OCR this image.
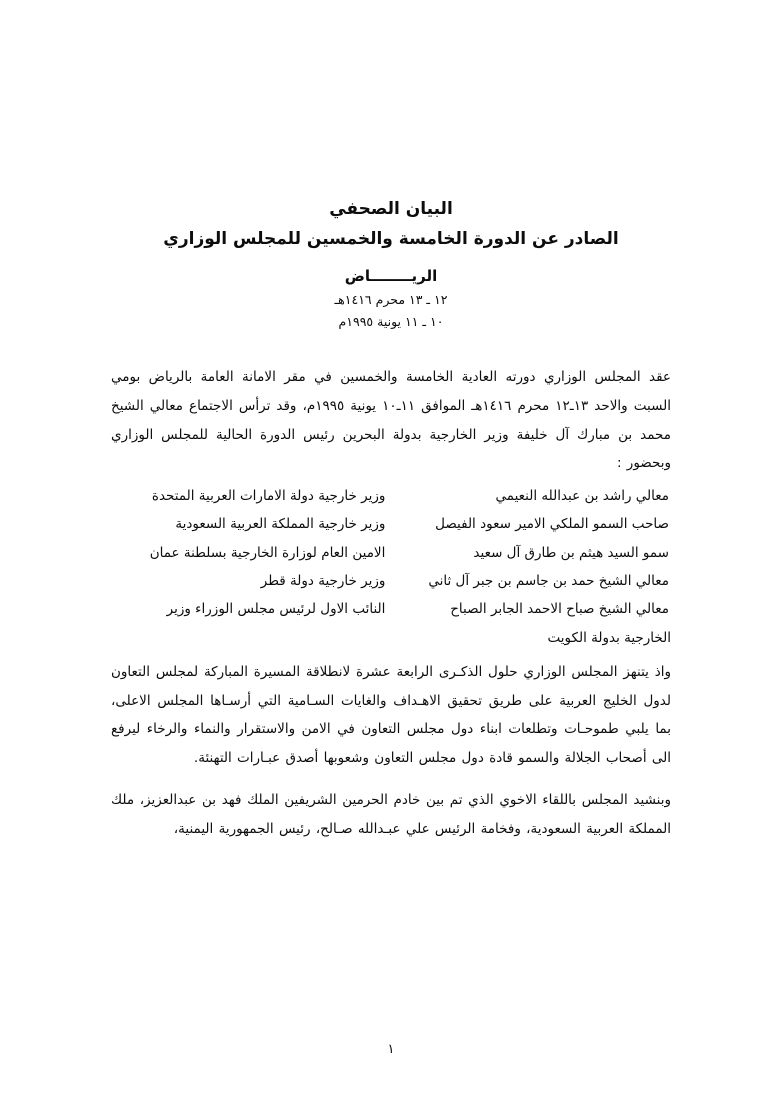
البيان الصحفي
الصادر عن الدورة الخامسة والخمسين للمجلس الوزاري
الريــــــــاض
١٢ ـ ١٣ محرم ١٤١٦هـ
١٠ ـ ١١ يونية ١٩٩٥م

عقد المجلس الوزاري دورته العادية الخامسة والخمسين في مقر الامانة العامة بالرياض بومي السبت والاحد ١٣ـ١٢ محرم ١٤١٦هـ الموافق ١١ـ١٠ يونية ١٩٩٥م، وقد ترأس الاجتماع معالي الشيخ محمد بن مبارك آل خليفة وزير الخارجية بدولة البحرين رئيس الدورة الحالية للمجلس الوزاري وبحضور :

معالي راشد بن عبدالله النعيمي
وزير خارجية دولة الامارات العربية المتحدة
صاحب السمو الملكي الامير سعود الفيصل
وزير خارجية المملكة العربية السعودية
سمو السيد هيثم بن طارق آل سعيد
الامين العام لوزارة الخارجية بسلطنة عمان
معالي الشيخ حمد بن جاسم بن جبر آل ثاني
وزير خارجية دولة قطر
معالي الشيخ صباح الاحمد الجابر الصباح
النائب الاول لرئيس مجلس الوزراء وزير
الخارجية بدولة الكويت

واذ يتنهز المجلس الوزاري حلول الذكـرى الرابعة عشرة لانطلاقة المسيرة المباركة لمجلس التعاون لدول الخليج العربية على طريق تحقيق الاهـداف والغايات السـامية التي أرسـاها المجلس الاعلى، بما يلبي طموحـات وتطلعات ابناء دول مجلس التعاون في الامن والاستقرار والنماء والرخاء ليرفع الى أصحاب الجلالة والسمو قادة دول مجلس التعاون وشعوبها أصدق عبـارات التهنئة.

وبنشيد المجلس باللقاء الاخوي الذي تم بين خادم الحرمين الشريفين الملك فهد بن عبدالعزيز، ملك المملكة العربية السعودية، وفخامة الرئيس علي عبـدالله صـالح، رئيس الجمهورية اليمنية،

١
